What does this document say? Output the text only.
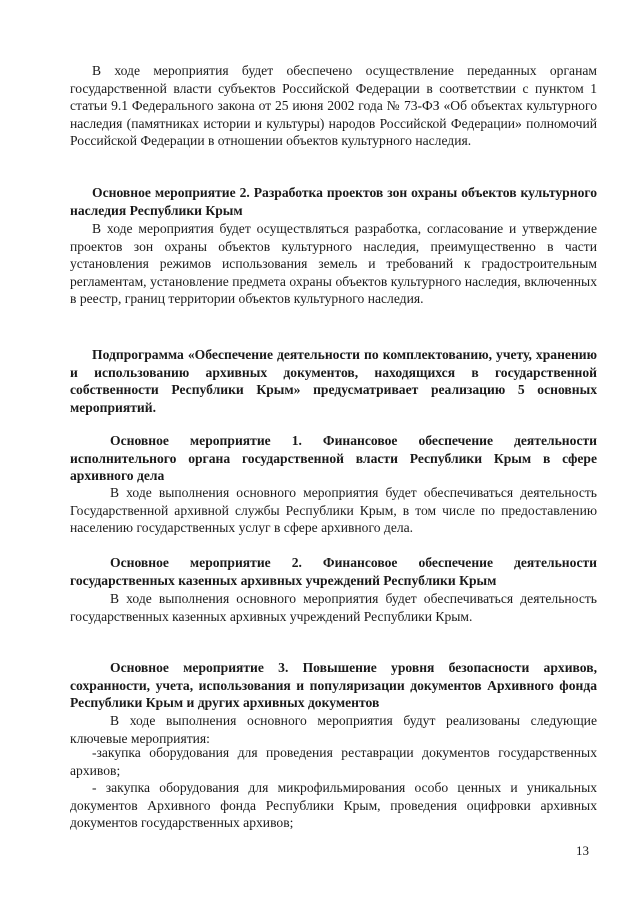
В ходе мероприятия будет обеспечено осуществление переданных органам государственной власти субъектов Российской Федерации в соответствии с пунктом 1 статьи 9.1 Федерального закона от 25 июня 2002 года № 73-ФЗ «Об объектах культурного наследия (памятниках истории и культуры) народов Российской Федерации» полномочий Российской Федерации в отношении объектов культурного наследия.

Основное мероприятие 2. Разработка проектов зон охраны объектов культурного наследия Республики Крым

В ходе мероприятия будет осуществляться разработка, согласование и утверждение проектов зон охраны объектов культурного наследия, преимущественно в части установления режимов использования земель и требований к градостроительным регламентам, установление предмета охраны объектов культурного наследия, включенных в реестр, границ территории объектов культурного наследия.

Подпрограмма «Обеспечение деятельности по комплектованию, учету, хранению и использованию архивных документов, находящихся в государственной собственности Республики Крым» предусматривает реализацию 5 основных мероприятий.

Основное мероприятие 1. Финансовое обеспечение деятельности исполнительного органа государственной власти Республики Крым в сфере архивного дела

В ходе выполнения основного мероприятия будет обеспечиваться деятельность Государственной архивной службы Республики Крым, в том числе по предоставлению населению государственных услуг в сфере архивного дела.

Основное мероприятие 2. Финансовое обеспечение деятельности государственных казенных архивных учреждений Республики Крым

В ходе выполнения основного мероприятия будет обеспечиваться деятельность государственных казенных архивных учреждений Республики Крым.

Основное мероприятие 3. Повышение уровня безопасности архивов, сохранности, учета, использования и популяризации документов Архивного фонда Республики Крым и других архивных документов

В ходе выполнения основного мероприятия будут реализованы следующие ключевые мероприятия:

-закупка оборудования для проведения реставрации документов государственных архивов;

- закупка оборудования для микрофильмирования особо ценных и уникальных документов Архивного фонда Республики Крым, проведения оцифровки архивных документов государственных архивов;

13
